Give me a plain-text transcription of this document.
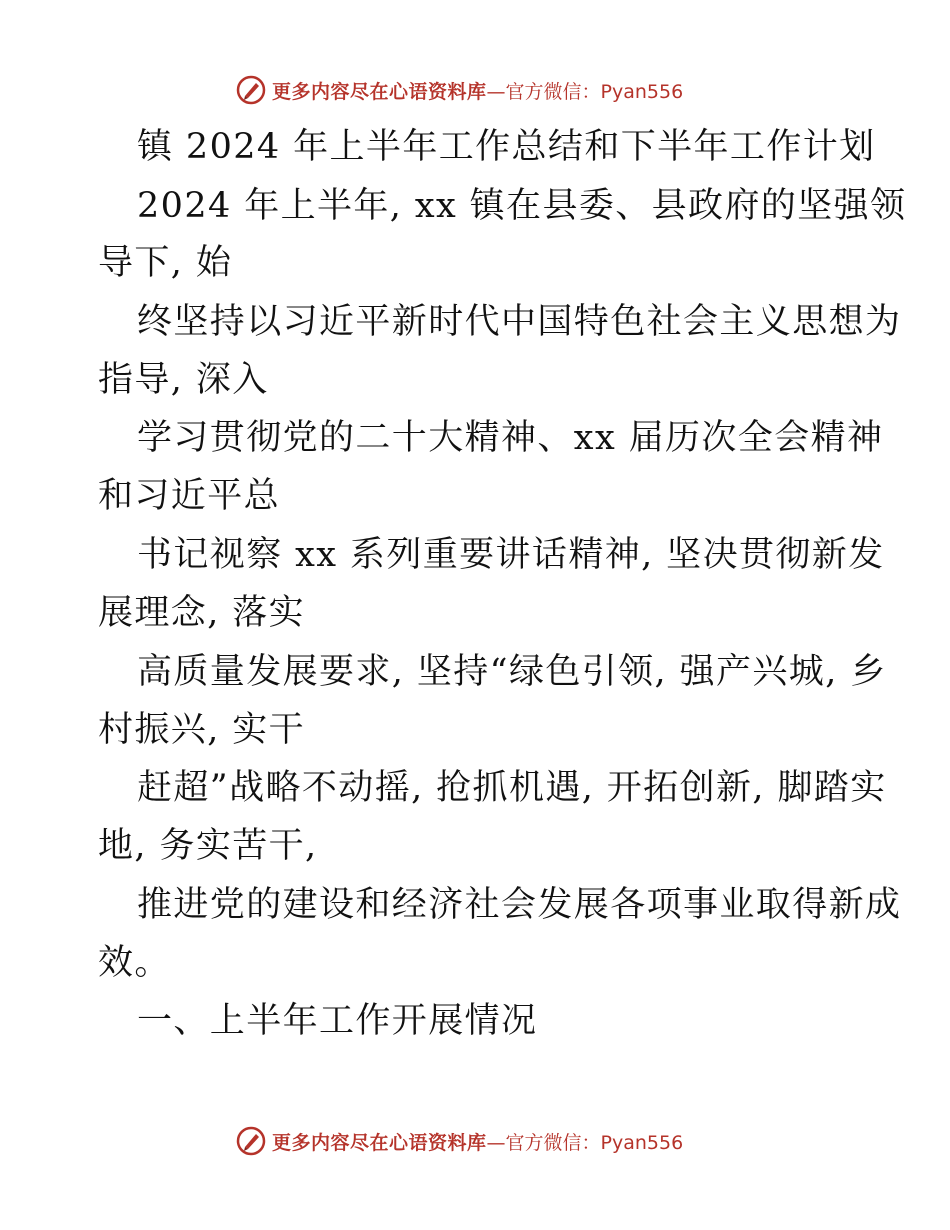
更多内容尽在心语资料库 —官方微信：Pyan556
镇 2024 年上半年工作总结和下半年工作计划
2024 年上半年, xx 镇在县委、县政府的坚强领
导下, 始
终坚持以习近平新时代中国特色社会主义思想为
指导, 深入
学习贯彻党的二十大精神、xx 届历次全会精神
和习近平总
书记视察 xx 系列重要讲话精神, 坚决贯彻新发
展理念, 落实
高质量发展要求, 坚持“绿色引领, 强产兴城, 乡
村振兴, 实干
赶超”战略不动摇, 抢抓机遇, 开拓创新, 脚踏实
地, 务实苦干,
推进党的建设和经济社会发展各项事业取得新成
效。
一、上半年工作开展情况
更多内容尽在心语资料库 —官方微信：Pyan556
